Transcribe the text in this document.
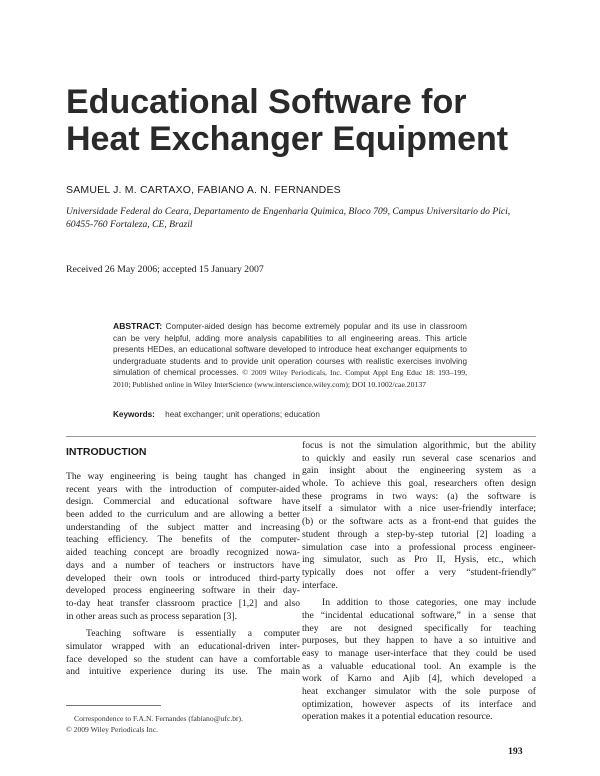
Educational Software for
Heat Exchanger Equipment
SAMUEL J. M. CARTAXO, FABIANO A. N. FERNANDES
Universidade Federal do Ceara, Departamento de Engenharia Quimica, Bloco 709, Campus Universitario do Pici,
60455-760 Fortaleza, CE, Brazil
Received 26 May 2006; accepted 15 January 2007
ABSTRACT: Computer-aided design has become extremely popular and its use in classroom can be very helpful, adding more analysis capabilities to all engineering areas. This article presents HEDes, an educational software developed to introduce heat exchanger equipments to undergraduate students and to provide unit operation courses with realistic exercises involving simulation of chemical processes. © 2009 Wiley Periodicals, Inc. Comput Appl Eng Educ 18: 193–199, 2010; Published online in Wiley InterScience (www.interscience.wiley.com); DOI 10.1002/cae.20137
Keywords: heat exchanger; unit operations; education
INTRODUCTION
The way engineering is being taught has changed in
recent years with the introduction of computer-aided
design. Commercial and educational software have
been added to the curriculum and are allowing a better
understanding of the subject matter and increasing
teaching efficiency. The benefits of the computer-
aided teaching concept are broadly recognized nowa-
days and a number of teachers or instructors have
developed their own tools or introduced third-party
developed process engineering software in their day-
to-day heat transfer classroom practice [1,2] and also
in other areas such as process separation [3].
Teaching software is essentially a computer
simulator wrapped with an educational-driven inter-
face developed so the student can have a comfortable
and intuitive experience during its use. The main
focus is not the simulation algorithmic, but the ability
to quickly and easily run several case scenarios and
gain insight about the engineering system as a
whole. To achieve this goal, researchers often design
these programs in two ways: (a) the software is
itself a simulator with a nice user-friendly interface;
(b) or the software acts as a front-end that guides the
student through a step-by-step tutorial [2] loading a
simulation case into a professional process engineer-
ing simulator, such as Pro II, Hysis, etc., which
typically does not offer a very “student-friendly”
interface.
In addition to those categories, one may include
the “incidental educational software,” in a sense that
they are not designed specifically for teaching
purposes, but they happen to have a so intuitive and
easy to manage user-interface that they could be used
as a valuable educational tool. An example is the
work of Karno and Ajib [4], which developed a
heat exchanger simulator with the sole purpose of
optimization, however aspects of its interface and
operation makes it a potential education resource.
Correspondence to F.A.N. Fernandes (fabiano@ufc.br).
© 2009 Wiley Periodicals Inc.
193
